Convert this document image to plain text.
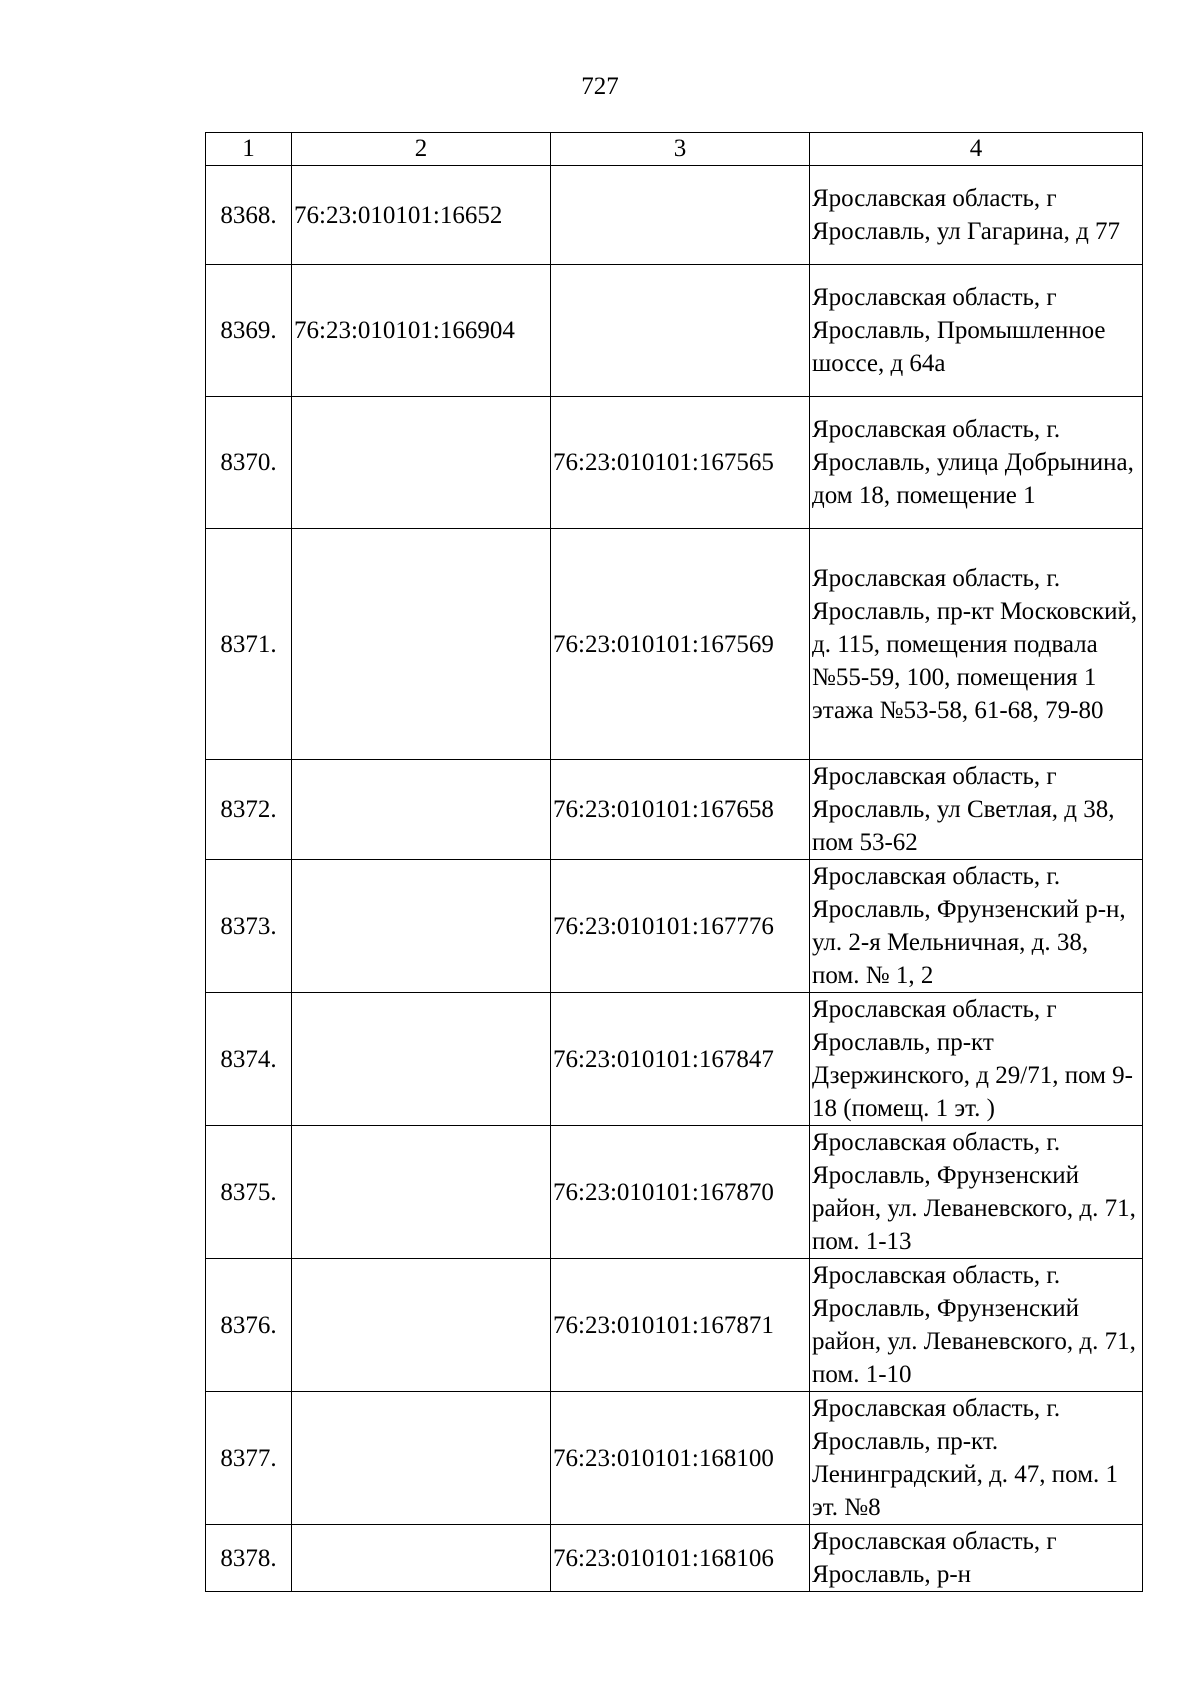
727
1	2	3	4
8368.	76:23:010101:16652		Ярославская область, г Ярославль, ул Гагарина, д 77
8369.	76:23:010101:166904		Ярославская область, г Ярославль, Промышленное шоссе, д 64а
8370.		76:23:010101:167565	Ярославская область, г. Ярославль, улица Добрынина, дом 18, помещение 1
8371.		76:23:010101:167569	Ярославская область, г. Ярославль, пр-кт Московский, д. 115, помещения подвала №55-59, 100, помещения 1 этажа №53-58, 61-68, 79-80
8372.		76:23:010101:167658	Ярославская область, г Ярославль, ул Светлая, д 38, пом 53-62
8373.		76:23:010101:167776	Ярославская область, г. Ярославль, Фрунзенский р-н, ул. 2-я Мельничная, д. 38, пом. № 1, 2
8374.		76:23:010101:167847	Ярославская область, г Ярославль, пр-кт Дзержинского, д 29/71, пом 9-18 (помещ. 1 эт. )
8375.		76:23:010101:167870	Ярославская область, г. Ярославль, Фрунзенский район, ул. Леваневского, д. 71, пом. 1-13
8376.		76:23:010101:167871	Ярославская область, г. Ярославль, Фрунзенский район, ул. Леваневского, д. 71, пом. 1-10
8377.		76:23:010101:168100	Ярославская область, г. Ярославль, пр-кт. Ленинградский, д. 47, пом. 1 эт. №8
8378.		76:23:010101:168106	Ярославская область, г Ярославль, р-н
